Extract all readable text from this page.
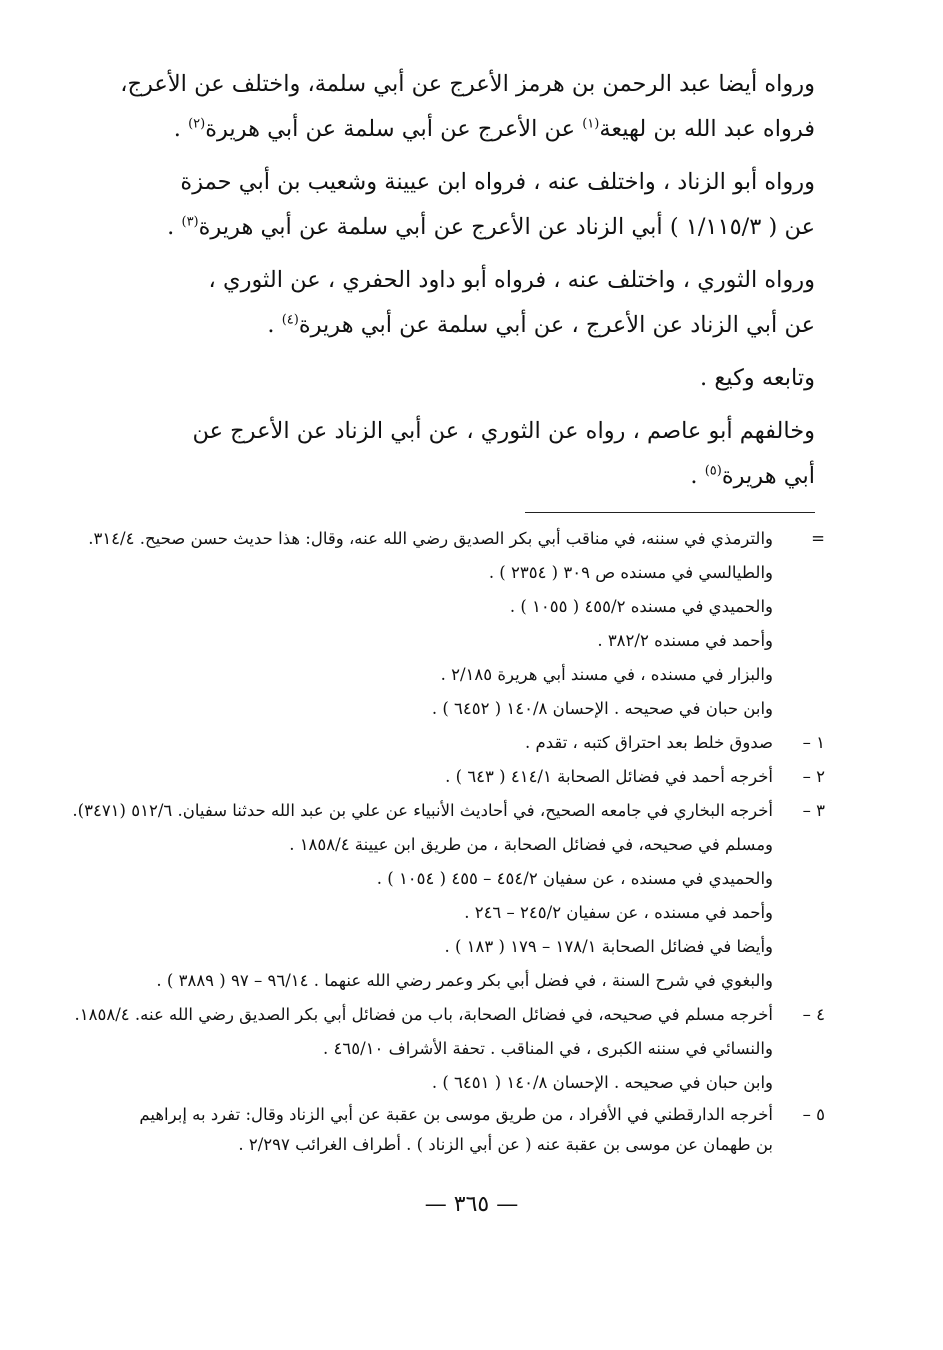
ورواه أيضا عبد الرحمن بن هرمز الأعرج عن أبي سلمة، واختلف عن الأعرج،
فرواه عبد الله بن لهيعة$^{(١)}$ عن الأعرج عن أبي سلمة عن أبي هريرة$^{(٢)}$ .
ورواه أبو الزناد ، واختلف عنه ، فرواه ابن عيينة وشعيب بن أبي حمزة
عن ( ١/١١٥/٣ ) أبي الزناد عن الأعرج عن أبي سلمة عن أبي هريرة$^{(٣)}$ .
ورواه الثوري ، واختلف عنه ، فرواه أبو داود الحفري ، عن الثوري ،
عن أبي الزناد عن الأعرج ، عن أبي سلمة عن أبي هريرة$^{(٤)}$ .
وتابعه وكيع .
وخالفهم أبو عاصم ، رواه عن الثوري ، عن أبي الزناد عن الأعرج عن
أبي هريرة$^{(٥)}$ .
=
والترمذي في سننه، في مناقب أبي بكر الصديق رضي الله عنه، وقال: هذا حديث حسن صحيح. ٣١٤/٤.
والطيالسي في مسنده ص ٣٠٩ ( ٢٣٥٤ ) .
والحميدي في مسنده ٤٥٥/٢ ( ١٠٥٥ ) .
وأحمد في مسنده ٣٨٢/٢ .
والبزار في مسنده ، في مسند أبي هريرة ٢/١٨٥ .
وابن حبان في صحيحه . الإحسان ١٤٠/٨ ( ٦٤٥٢ ) .
١ –
صدوق خلط بعد احتراق كتبه ، تقدم .
٢ –
أخرجه أحمد في فضائل الصحابة ٤١٤/١ ( ٦٤٣ ) .
٣ –
أخرجه البخاري في جامعه الصحيح، في أحاديث الأنبياء عن علي بن عبد الله حدثنا سفيان. ٥١٢/٦ (٣٤٧١).
ومسلم في صحيحه، في فضائل الصحابة ، من طريق ابن عيينة ١٨٥٨/٤ .
والحميدي في مسنده ، عن سفيان ٤٥٤/٢ – ٤٥٥ ( ١٠٥٤ ) .
وأحمد في مسنده ، عن سفيان ٢٤٥/٢ – ٢٤٦ .
وأيضا في فضائل الصحابة ١٧٨/١ – ١٧٩ ( ١٨٣ ) .
والبغوي في شرح السنة ، في فضل أبي بكر وعمر رضي الله عنهما . ٩٦/١٤ – ٩٧ ( ٣٨٨٩ ) .
٤ –
أخرجه مسلم في صحيحه، في فضائل الصحابة، باب من فضائل أبي بكر الصديق رضي الله عنه. ١٨٥٨/٤.
والنسائي في سننه الكبرى ، في المناقب . تحفة الأشراف ٤٦٥/١٠ .
وابن حبان في صحيحه . الإحسان ١٤٠/٨ ( ٦٤٥١ ) .
٥ –
أخرجه الدارقطني في الأفراد ، من طريق موسى بن عقبة عن أبي الزناد وقال: تفرد به إبراهيم بن طهمان عن موسى بن عقبة عنه ( عن أبي الزناد ) . أطراف الغرائب ٢/٢٩٧ .
— ٣٦٥ —
